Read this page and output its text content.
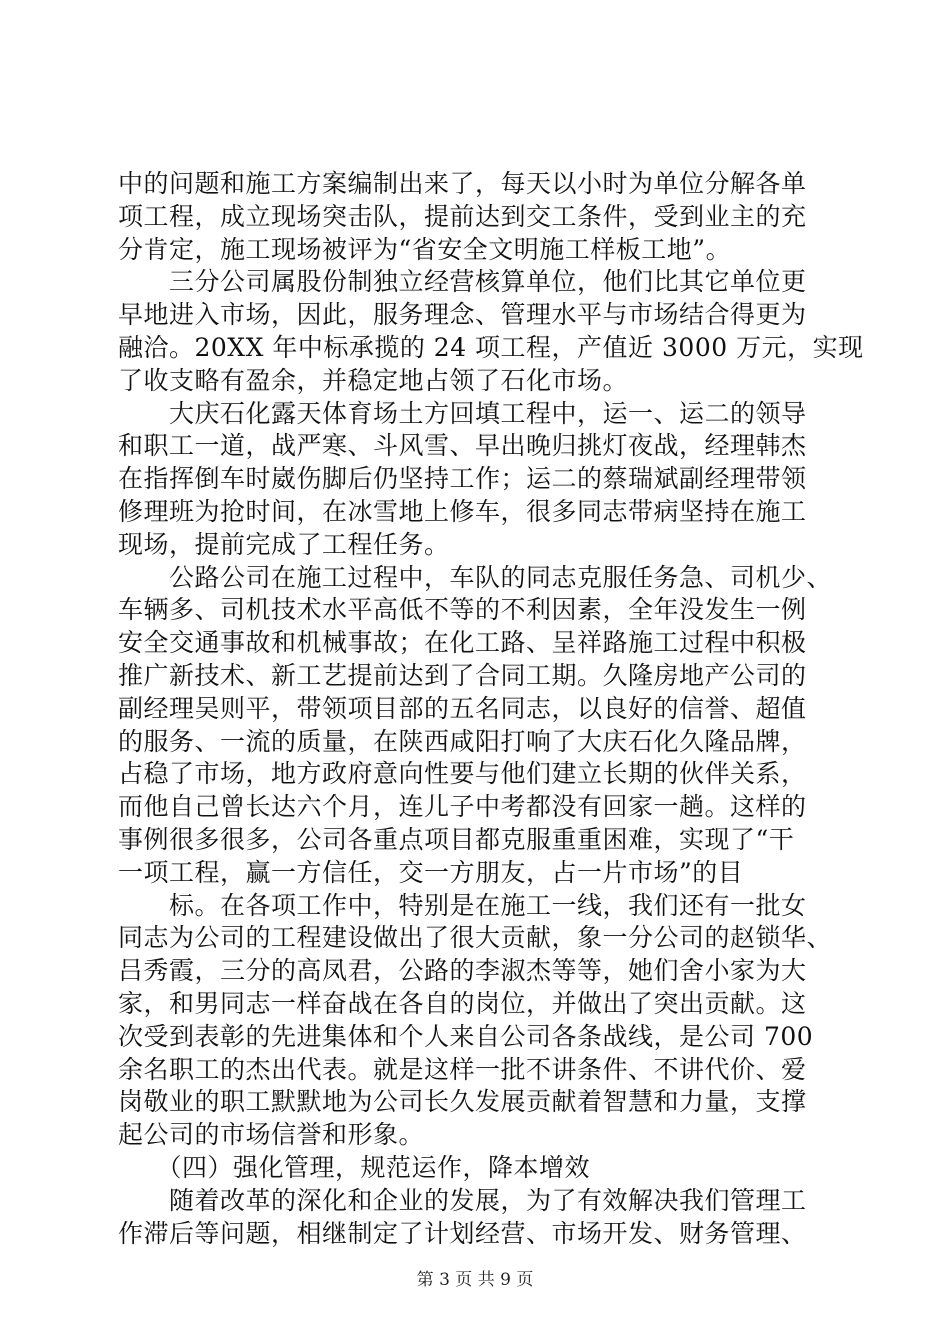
中的问题和施工方案编制出来了，每天以小时为单位分解各单
项工程，成立现场突击队，提前达到交工条件，受到业主的充
分肯定，施工现场被评为“省安全文明施工样板工地”。
　　三分公司属股份制独立经营核算单位，他们比其它单位更
早地进入市场，因此，服务理念、管理水平与市场结合得更为
融洽。20XX 年中标承揽的 24 项工程，产值近 3000 万元，实现
了收支略有盈余，并稳定地占领了石化市场。
　　大庆石化露天体育场土方回填工程中，运一、运二的领导
和职工一道，战严寒、斗风雪、早出晚归挑灯夜战，经理韩杰
在指挥倒车时崴伤脚后仍坚持工作；运二的蔡瑞斌副经理带领
修理班为抢时间，在冰雪地上修车，很多同志带病坚持在施工
现场，提前完成了工程任务。
　　公路公司在施工过程中，车队的同志克服任务急、司机少、
车辆多、司机技术水平高低不等的不利因素，全年没发生一例
安全交通事故和机械事故；在化工路、呈祥路施工过程中积极
推广新技术、新工艺提前达到了合同工期。久隆房地产公司的
副经理吴则平，带领项目部的五名同志，以良好的信誉、超值
的服务、一流的质量，在陕西咸阳打响了大庆石化久隆品牌，
占稳了市场，地方政府意向性要与他们建立长期的伙伴关系，
而他自己曾长达六个月，连儿子中考都没有回家一趟。这样的
事例很多很多，公司各重点项目都克服重重困难，实现了“干
一项工程，赢一方信任，交一方朋友，占一片市场”的目
　　标。在各项工作中，特别是在施工一线，我们还有一批女
同志为公司的工程建设做出了很大贡献，象一分公司的赵锁华、
吕秀霞，三分的高凤君，公路的李淑杰等等，她们舍小家为大
家，和男同志一样奋战在各自的岗位，并做出了突出贡献。这
次受到表彰的先进集体和个人来自公司各条战线，是公司 700
余名职工的杰出代表。就是这样一批不讲条件、不讲代价、爱
岗敬业的职工默默地为公司长久发展贡献着智慧和力量，支撑
起公司的市场信誉和形象。
　　（四）强化管理，规范运作，降本增效
　　随着改革的深化和企业的发展，为了有效解决我们管理工
作滞后等问题，相继制定了计划经营、市场开发、财务管理、
第 3 页 共 9 页
